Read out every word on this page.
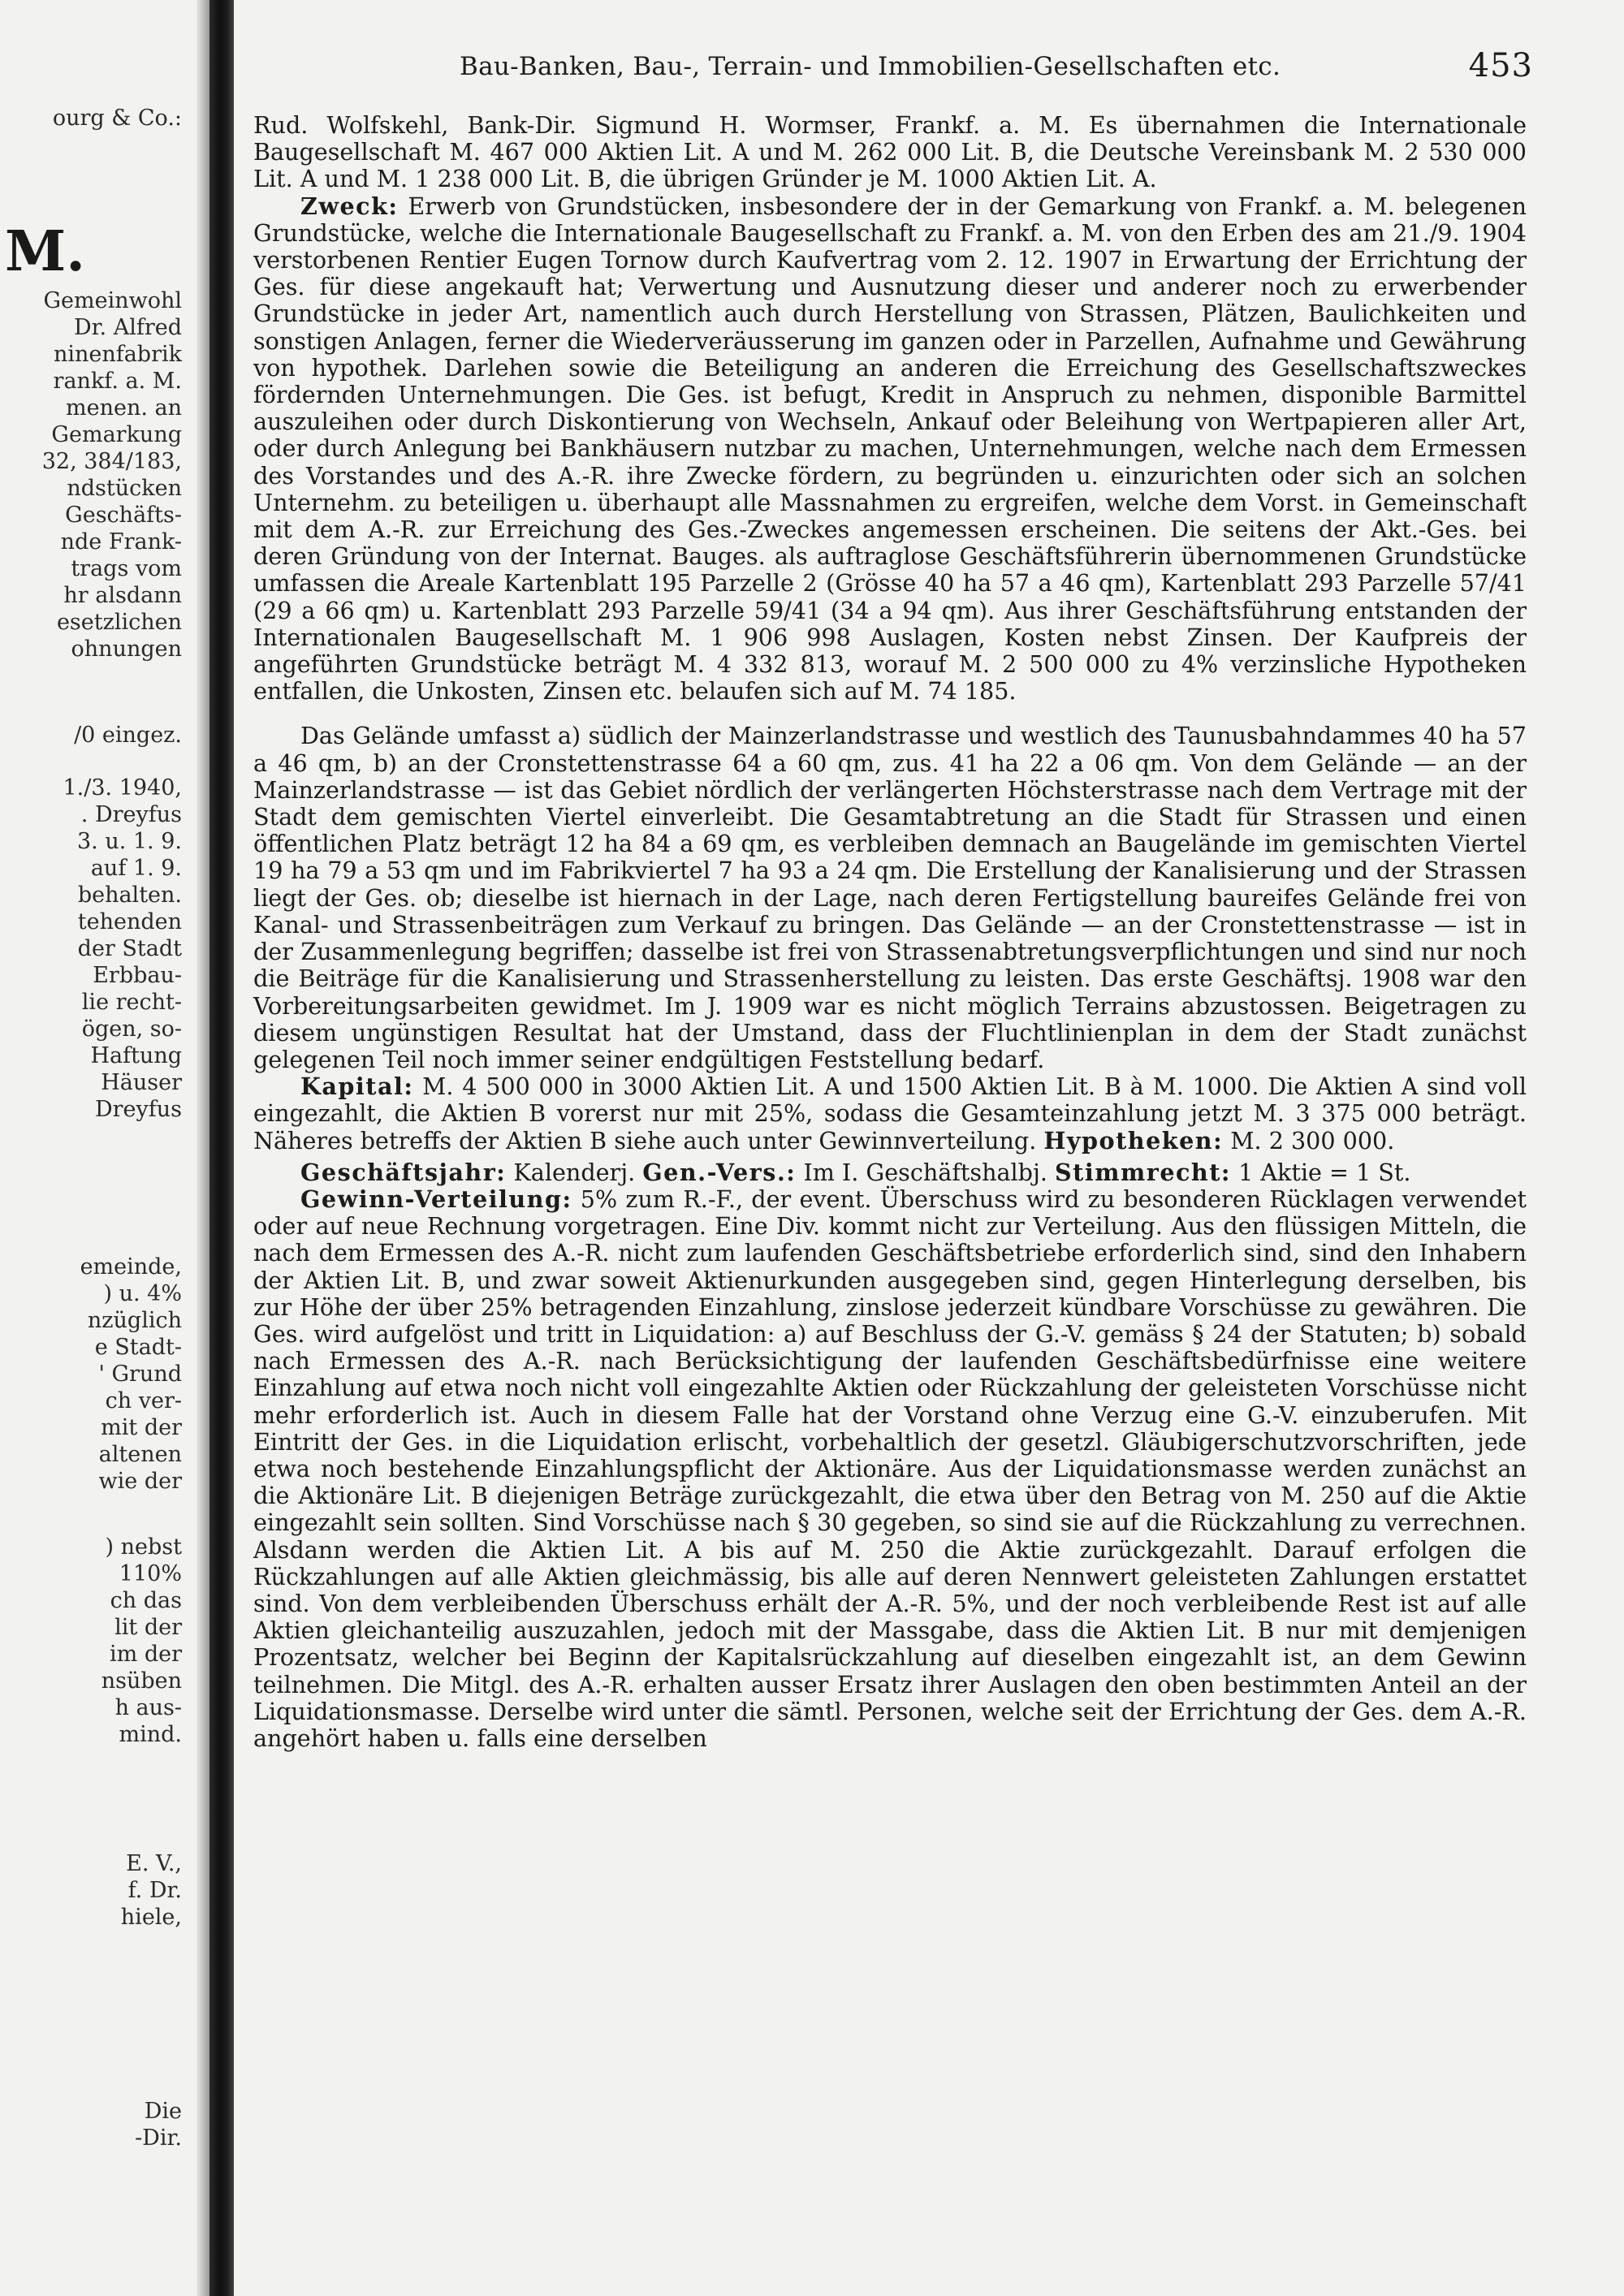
M.
ourg & Co.:
Gemeinwohl
Dr. Alfred
ninenfabrik
rankf. a. M.
menen. an
Gemarkung
32, 384/183,
ndstücken
Geschäfts-
nde Frank-
trags vom
hr alsdann
esetzlichen
ohnungen
/0 eingez.
1./3. 1940,
. Dreyfus
3. u. 1. 9.
auf 1. 9.
behalten.
tehenden
der Stadt
Erbbau-
lie recht-
ögen, so-
Haftung
Häuser
Dreyfus
emeinde,
) u. 4%
nzüglich
e Stadt-
' Grund
ch ver-
mit der
altenen
wie der
) nebst
110%
ch das
lit der
im der
nsüben
h aus-
mind.
E. V.,
f. Dr.
hiele,
Die
-Dir.
Bau-Banken, Bau-, Terrain- und Immobilien-Gesellschaften etc.	453

Rud. Wolfskehl, Bank-Dir. Sigmund H. Wormser, Frankf. a. M. Es übernahmen die Internationale Baugesellschaft M. 467 000 Aktien Lit. A und M. 262 000 Lit. B, die Deutsche Vereinsbank M. 2 530 000 Lit. A und M. 1 238 000 Lit. B, die übrigen Gründer je M. 1000 Aktien Lit. A.

Zweck: Erwerb von Grundstücken, insbesondere der in der Gemarkung von Frankf. a. M. belegenen Grundstücke, welche die Internationale Baugesellschaft zu Frankf. a. M. von den Erben des am 21./9. 1904 verstorbenen Rentier Eugen Tornow durch Kaufvertrag vom 2. 12. 1907 in Erwartung der Errichtung der Ges. für diese angekauft hat; Verwertung und Ausnutzung dieser und anderer noch zu erwerbender Grundstücke in jeder Art, namentlich auch durch Herstellung von Strassen, Plätzen, Baulichkeiten und sonstigen Anlagen, ferner die Wiederveräusserung im ganzen oder in Parzellen, Aufnahme und Gewährung von hypothek. Darlehen sowie die Beteiligung an anderen die Erreichung des Gesellschaftszweckes fördernden Unternehmungen. Die Ges. ist befugt, Kredit in Anspruch zu nehmen, disponible Barmittel auszuleihen oder durch Diskontierung von Wechseln, Ankauf oder Beleihung von Wertpapieren aller Art, oder durch Anlegung bei Bankhäusern nutzbar zu machen, Unternehmungen, welche nach dem Ermessen des Vorstandes und des A.-R. ihre Zwecke fördern, zu begründen u. einzurichten oder sich an solchen Unternehm. zu beteiligen u. überhaupt alle Massnahmen zu ergreifen, welche dem Vorst. in Gemeinschaft mit dem A.-R. zur Erreichung des Ges.-Zweckes angemessen erscheinen. Die seitens der Akt.-Ges. bei deren Gründung von der Internat. Bauges. als auftraglose Geschäftsführerin übernommenen Grundstücke umfassen die Areale Kartenblatt 195 Parzelle 2 (Grösse 40 ha 57 a 46 qm), Kartenblatt 293 Parzelle 57/41 (29 a 66 qm) u. Kartenblatt 293 Parzelle 59/41 (34 a 94 qm). Aus ihrer Geschäftsführung entstanden der Internationalen Baugesellschaft M. 1 906 998 Auslagen, Kosten nebst Zinsen. Der Kaufpreis der angeführten Grundstücke beträgt M. 4 332 813, worauf M. 2 500 000 zu 4% verzinsliche Hypotheken entfallen, die Unkosten, Zinsen etc. belaufen sich auf M. 74 185.

Das Gelände umfasst a) südlich der Mainzerlandstrasse und westlich des Taunusbahndammes 40 ha 57 a 46 qm, b) an der Cronstettenstrasse 64 a 60 qm, zus. 41 ha 22 a 06 qm. Von dem Gelände — an der Mainzerlandstrasse — ist das Gebiet nördlich der verlängerten Höchsterstrasse nach dem Vertrage mit der Stadt dem gemischten Viertel einverleibt. Die Gesamtabtretung an die Stadt für Strassen und einen öffentlichen Platz beträgt 12 ha 84 a 69 qm, es verbleiben demnach an Baugelände im gemischten Viertel 19 ha 79 a 53 qm und im Fabrikviertel 7 ha 93 a 24 qm. Die Erstellung der Kanalisierung und der Strassen liegt der Ges. ob; dieselbe ist hiernach in der Lage, nach deren Fertigstellung baureifes Gelände frei von Kanal- und Strassenbeiträgen zum Verkauf zu bringen. Das Gelände — an der Cronstettenstrasse — ist in der Zusammenlegung begriffen; dasselbe ist frei von Strassenabtretungsverpflichtungen und sind nur noch die Beiträge für die Kanalisierung und Strassenherstellung zu leisten. Das erste Geschäftsj. 1908 war den Vorbereitungsarbeiten gewidmet. Im J. 1909 war es nicht möglich Terrains abzustossen. Beigetragen zu diesem ungünstigen Resultat hat der Umstand, dass der Fluchtlinienplan in dem der Stadt zunächst gelegenen Teil noch immer seiner endgültigen Feststellung bedarf.

Kapital: M. 4 500 000 in 3000 Aktien Lit. A und 1500 Aktien Lit. B à M. 1000. Die Aktien A sind voll eingezahlt, die Aktien B vorerst nur mit 25%, sodass die Gesamteinzahlung jetzt M. 3 375 000 beträgt. Näheres betreffs der Aktien B siehe auch unter Gewinnverteilung. Hypotheken: M. 2 300 000.

Geschäftsjahr: Kalenderj. Gen.-Vers.: Im I. Geschäftshalbj. Stimmrecht: 1 Aktie = 1 St.

Gewinn-Verteilung: 5% zum R.-F., der event. Überschuss wird zu besonderen Rücklagen verwendet oder auf neue Rechnung vorgetragen. Eine Div. kommt nicht zur Verteilung. Aus den flüssigen Mitteln, die nach dem Ermessen des A.-R. nicht zum laufenden Geschäftsbetriebe erforderlich sind, sind den Inhabern der Aktien Lit. B, und zwar soweit Aktienurkunden ausgegeben sind, gegen Hinterlegung derselben, bis zur Höhe der über 25% betragenden Einzahlung, zinslose jederzeit kündbare Vorschüsse zu gewähren. Die Ges. wird aufgelöst und tritt in Liquidation: a) auf Beschluss der G.-V. gemäss § 24 der Statuten; b) sobald nach Ermessen des A.-R. nach Berücksichtigung der laufenden Geschäftsbedürfnisse eine weitere Einzahlung auf etwa noch nicht voll eingezahlte Aktien oder Rückzahlung der geleisteten Vorschüsse nicht mehr erforderlich ist. Auch in diesem Falle hat der Vorstand ohne Verzug eine G.-V. einzuberufen. Mit Eintritt der Ges. in die Liquidation erlischt, vorbehaltlich der gesetzl. Gläubigerschutzvorschriften, jede etwa noch bestehende Einzahlungspflicht der Aktionäre. Aus der Liquidationsmasse werden zunächst an die Aktionäre Lit. B diejenigen Beträge zurückgezahlt, die etwa über den Betrag von M. 250 auf die Aktie eingezahlt sein sollten. Sind Vorschüsse nach § 30 gegeben, so sind sie auf die Rückzahlung zu verrechnen. Alsdann werden die Aktien Lit. A bis auf M. 250 die Aktie zurückgezahlt. Darauf erfolgen die Rückzahlungen auf alle Aktien gleichmässig, bis alle auf deren Nennwert geleisteten Zahlungen erstattet sind. Von dem verbleibenden Überschuss erhält der A.-R. 5%, und der noch verbleibende Rest ist auf alle Aktien gleichanteilig auszuzahlen, jedoch mit der Massgabe, dass die Aktien Lit. B nur mit demjenigen Prozentsatz, welcher bei Beginn der Kapitalsrückzahlung auf dieselben eingezahlt ist, an dem Gewinn teilnehmen. Die Mitgl. des A.-R. erhalten ausser Ersatz ihrer Auslagen den oben bestimmten Anteil an der Liquidationsmasse. Derselbe wird unter die sämtl. Personen, welche seit der Errichtung der Ges. dem A.-R. angehört haben u. falls eine derselben
